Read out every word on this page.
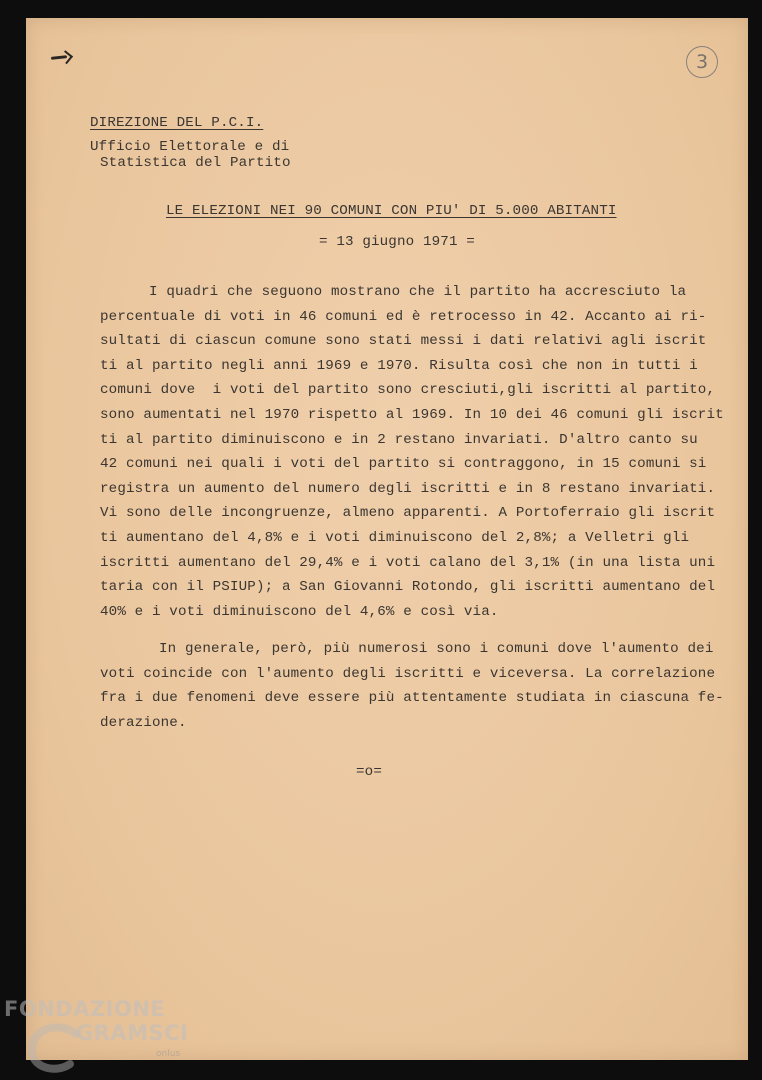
3
DIREZIONE DEL P.C.I.
Ufficio Elettorale e di
Statistica del Partito
LE ELEZIONI NEI 90 COMUNI CON PIU' DI 5.000 ABITANTI
= 13 giugno 1971 =
I quadri che seguono mostrano che il partito ha accresciuto la
percentuale di voti in 46 comuni ed è retrocesso in 42. Accanto ai ri-
sultati di ciascun comune sono stati messi i dati relativi agli iscrit
ti al partito negli anni 1969 e 1970. Risulta così che non in tutti i
comuni dove  i voti del partito sono cresciuti,gli iscritti al partito,
sono aumentati nel 1970 rispetto al 1969. In 10 dei 46 comuni gli iscrit
ti al partito diminuiscono e in 2 restano invariati. D'altro canto su
42 comuni nei quali i voti del partito si contraggono, in 15 comuni si
registra un aumento del numero degli iscritti e in 8 restano invariati.
Vi sono delle incongruenze, almeno apparenti. A Portoferraio gli iscrit
ti aumentano del 4,8% e i voti diminuiscono del 2,8%; a Velletri gli
iscritti aumentano del 29,4% e i voti calano del 3,1% (in una lista uni
taria con il PSIUP); a San Giovanni Rotondo, gli iscritti aumentano del
40% e i voti diminuiscono del 4,6% e così via.
In generale, però, più numerosi sono i comuni dove l'aumento dei
voti coincide con l'aumento degli iscritti e viceversa. La correlazione
fra i due fenomeni deve essere più attentamente studiata in ciascuna fe-
derazione.
=o=
FONDAZIONE
GRAMSCI
onlus
